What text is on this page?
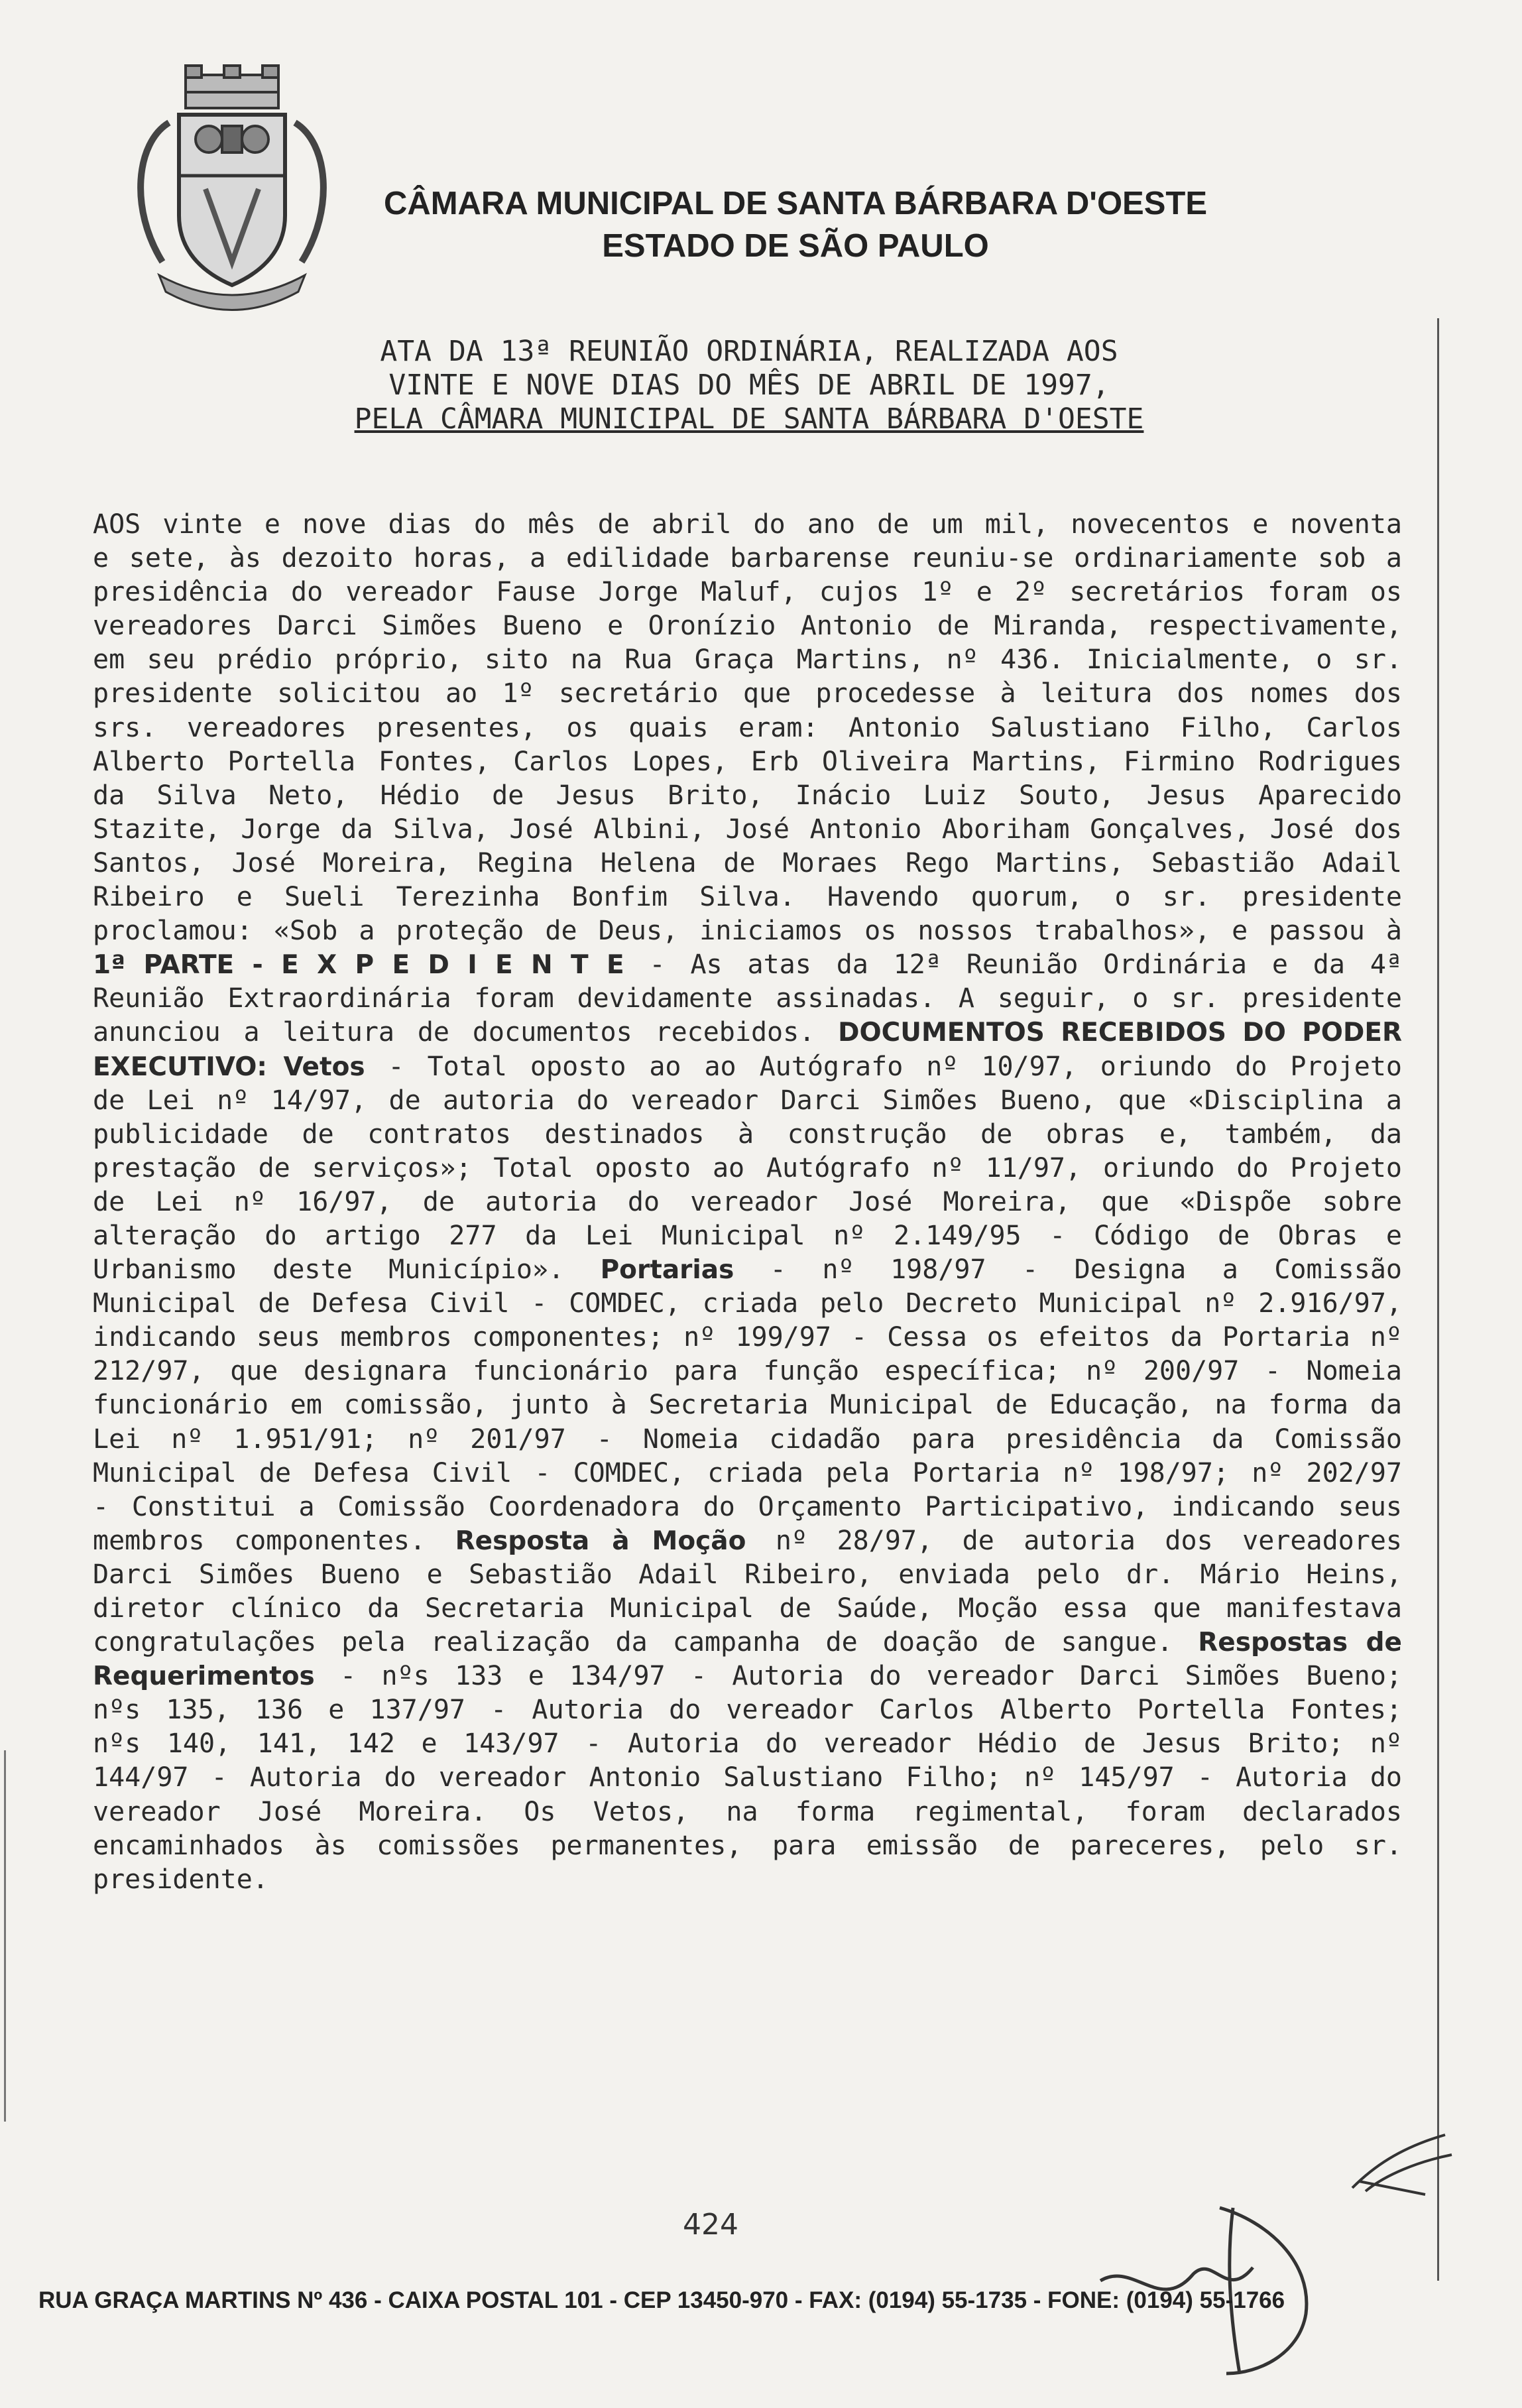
CÂMARA MUNICIPAL DE SANTA BÁRBARA D'OESTE
ESTADO DE SÃO PAULO
ATA DA 13ª REUNIÃO ORDINÁRIA, REALIZADA AOS
VINTE E NOVE DIAS DO MÊS DE ABRIL DE 1997,
PELA CÂMARA MUNICIPAL DE SANTA BÁRBARA D'OESTE
AOS vinte e nove dias do mês de abril do ano de um mil, novecentos e noventa e sete, às dezoito horas, a edilidade barbarense reuniu-se ordinariamente sob a presidência do vereador Fause Jorge Maluf, cujos 1º e 2º secretários foram os vereadores Darci Simões Bueno e Oronízio Antonio de Miranda, respectivamente, em seu prédio próprio, sito na Rua Graça Martins, nº 436. Inicialmente, o sr. presidente solicitou ao 1º secretário que procedesse à leitura dos nomes dos srs. vereadores presentes, os quais eram: Antonio Salustiano Filho, Carlos Alberto Portella Fontes, Carlos Lopes, Erb Oliveira Martins, Firmino Rodrigues da Silva Neto, Hédio de Jesus Brito, Inácio Luiz Souto, Jesus Aparecido Stazite, Jorge da Silva, José Albini, José Antonio Aboriham Gonçalves, José dos Santos, José Moreira, Regina Helena de Moraes Rego Martins, Sebastião Adail Ribeiro e Sueli Terezinha Bonfim Silva. Havendo quorum, o sr. presidente proclamou: «Sob a proteção de Deus, iniciamos os nossos trabalhos», e passou à 1ª PARTE - E X P E D I E N T E - As atas da 12ª Reunião Ordinária e da 4ª Reunião Extraordinária foram devidamente assinadas. A seguir, o sr. presidente anunciou a leitura de documentos recebidos. DOCUMENTOS RECEBIDOS DO PODER EXECUTIVO: Vetos - Total oposto ao ao Autógrafo nº 10/97, oriundo do Projeto de Lei nº 14/97, de autoria do vereador Darci Simões Bueno, que «Disciplina a publicidade de contratos destinados à construção de obras e, também, da prestação de serviços»; Total oposto ao Autógrafo nº 11/97, oriundo do Projeto de Lei nº 16/97, de autoria do vereador José Moreira, que «Dispõe sobre alteração do artigo 277 da Lei Municipal nº 2.149/95 - Código de Obras e Urbanismo deste Município». Portarias - nº 198/97 - Designa a Comissão Municipal de Defesa Civil - COMDEC, criada pelo Decreto Municipal nº 2.916/97, indicando seus membros componentes; nº 199/97 - Cessa os efeitos da Portaria nº 212/97, que designara funcionário para função específica; nº 200/97 - Nomeia funcionário em comissão, junto à Secretaria Municipal de Educação, na forma da Lei nº 1.951/91; nº 201/97 - Nomeia cidadão para presidência da Comissão Municipal de Defesa Civil - COMDEC, criada pela Portaria nº 198/97; nº 202/97 - Constitui a Comissão Coordenadora do Orçamento Participativo, indicando seus membros componentes. Resposta à Moção nº 28/97, de autoria dos vereadores Darci Simões Bueno e Sebastião Adail Ribeiro, enviada pelo dr. Mário Heins, diretor clínico da Secretaria Municipal de Saúde, Moção essa que manifestava congratulações pela realização da campanha de doação de sangue. Respostas de Requerimentos - nºs 133 e 134/97 - Autoria do vereador Darci Simões Bueno; nºs 135, 136 e 137/97 - Autoria do vereador Carlos Alberto Portella Fontes; nºs 140, 141, 142 e 143/97 - Autoria do vereador Hédio de Jesus Brito; nº 144/97 - Autoria do vereador Antonio Salustiano Filho; nº 145/97 - Autoria do vereador José Moreira. Os Vetos, na forma regimental, foram declarados encaminhados às comissões permanentes, para emissão de pareceres, pelo sr. presidente.
424
RUA GRAÇA MARTINS Nº 436 - CAIXA POSTAL 101 - CEP 13450-970 - FAX: (0194) 55-1735 - FONE: (0194) 55-1766
